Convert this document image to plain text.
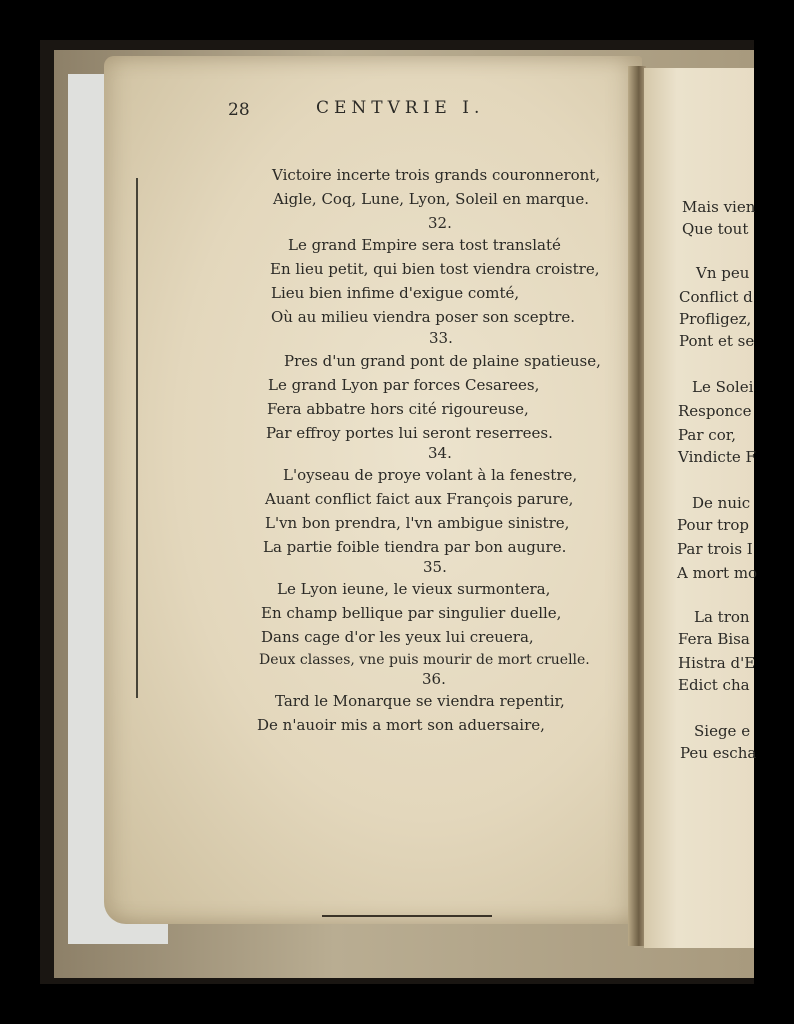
28	CENTVRIE I.
Victoire incerte trois grands couronneront,
Aigle, Coq, Lune, Lyon, Soleil en marque.
32.
Le grand Empire sera tost translaté
En lieu petit, qui bien tost viendra croistre,
Lieu bien infime d'exigue comté,
Où au milieu viendra poser son sceptre.
33.
Pres d'un grand pont de plaine spatieuse,
Le grand Lyon par forces Cesarees,
Fera abbatre hors cité rigoureuse,
Par effroy portes lui seront reserrees.
34.
L'oyseau de proye volant à la fenestre,
Auant conflict faict aux François parure,
L'vn bon prendra, l'vn ambigue sinistre,
La partie foible tiendra par bon augure.
35.
Le Lyon ieune, le vieux surmontera,
En champ bellique par singulier duelle,
Dans cage d'or les yeux lui creuera,
Deux classes, vne puis mourir de mort cruelle.
36.
Tard le Monarque se viendra repentir,
De n'auoir mis a mort son aduersaire,
Mais vien
Que tout
Vn peu
Conflict d
Profligez,
Pont et se
Le Solei
Responce
Par cor,
Vindicte F
De nuic
Pour trop
Par trois I
A mort mo
La tron
Fera Bisa
Histra d'E
Edict cha
Siege e
Peu escha
